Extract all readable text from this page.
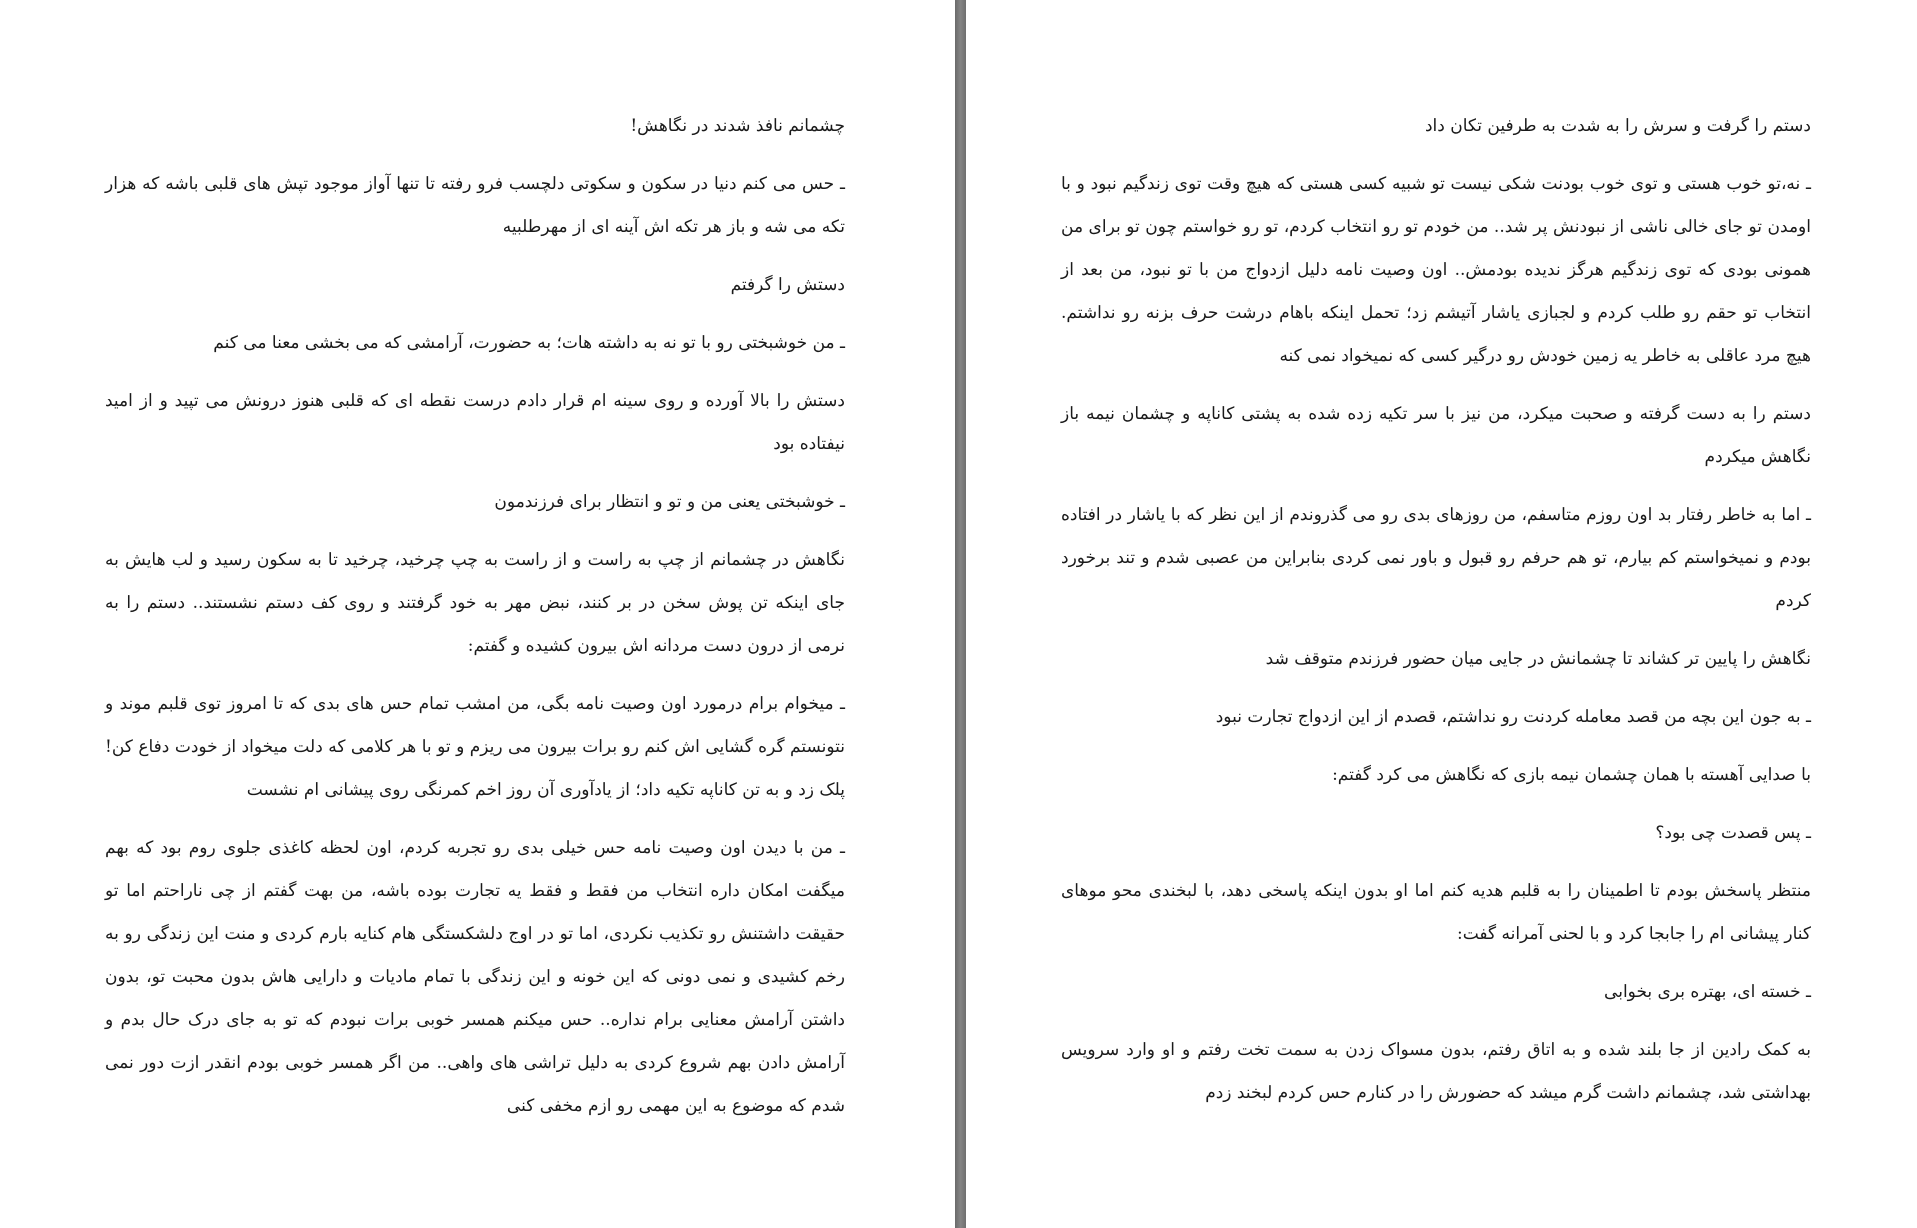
چشمانم نافذ شدند در نگاهش!

ـ حس می کنم دنیا در سکون و سکوتی دلچسب فرو رفته تا تنها آواز موجود تپش های قلبی باشه که هزار تکه می شه و باز هر تکه اش آینه ای از مهرطلبیه

دستش را گرفتم

ـ من خوشبختی رو با تو نه به داشته هات؛ به حضورت، آرامشی که می بخشی معنا می کنم

دستش را بالا آورده و روی سینه ام قرار دادم درست نقطه ای که قلبی هنوز درونش می تپید و از امید نیفتاده بود

ـ خوشبختی یعنی من و تو و انتظار برای فرزندمون

نگاهش در چشمانم از چپ به راست و از راست به چپ چرخید، چرخید تا به سکون رسید و لب هایش به جای اینکه تن پوش سخن در بر کنند، نبض مهر به خود گرفتند و روی کف دستم نشستند.. دستم را به نرمی از درون دست مردانه اش بیرون کشیده و گفتم:

ـ میخوام برام درمورد اون وصیت نامه بگی، من امشب تمام حس های بدی که تا امروز توی قلبم موند و نتونستم گره گشایی اش کنم رو برات بیرون می ریزم و تو با هر کلامی که دلت میخواد از خودت دفاع کن! پلک زد و به تن کاناپه تکیه داد؛ از یادآوری آن روز اخم کمرنگی روی پیشانی ام نشست

ـ من با دیدن اون وصیت نامه حس خیلی بدی رو تجربه کردم، اون لحظه کاغذی جلوی روم بود که بهم میگفت امکان داره انتخاب من فقط و فقط یه تجارت بوده باشه، من بهت گفتم از چی ناراحتم اما تو حقیقت داشتنش رو تکذیب نکردی، اما تو در اوج دلشکستگی هام کنایه بارم کردی و منت این زندگی رو به رخم کشیدی و نمی دونی که این خونه و این زندگی با تمام مادیات و دارایی هاش بدون محبت تو، بدون داشتن آرامش معنایی برام نداره.. حس میکنم همسر خوبی برات نبودم که تو به جای درک حال بدم و آرامش دادن بهم شروع کردی به دلیل تراشی های واهی.. من اگر همسر خوبی بودم انقدر ازت دور نمی شدم که موضوع به این مهمی رو ازم مخفی کنی

دستم را گرفت و سرش را به شدت به طرفین تکان داد

ـ نه،تو خوب هستی و توی خوب بودنت شکی نیست تو شبیه کسی هستی که هیچ وقت توی زندگیم نبود و با اومدن تو جای خالی ناشی از نبودنش پر شد.. من خودم تو رو انتخاب کردم، تو رو خواستم چون تو برای من همونی بودی که توی زندگیم هرگز ندیده بودمش.. اون وصیت نامه دلیل ازدواج من با تو نبود، من بعد از انتخاب تو حقم رو طلب کردم و لجبازی یاشار آتیشم زد؛ تحمل اینکه باهام درشت حرف بزنه رو نداشتم. هیچ مرد عاقلی به خاطر یه زمین خودش رو درگیر کسی که نمیخواد نمی کنه

دستم را به دست گرفته و صحبت میکرد، من نیز با سر تکیه زده شده به پشتی کاناپه و چشمان نیمه باز نگاهش میکردم

ـ اما به خاطر رفتار بد اون روزم متاسفم، من روزهای بدی رو می گذروندم از این نظر که با یاشار در افتاده بودم و نمیخواستم کم بیارم، تو هم حرفم رو قبول و باور نمی کردی بنابراین من عصبی شدم و تند برخورد کردم

نگاهش را پایین تر کشاند تا چشمانش در جایی میان حضور فرزندم متوقف شد

ـ به جون این بچه من قصد معامله کردنت رو نداشتم، قصدم از این ازدواج تجارت نبود

با صدایی آهسته با همان چشمان نیمه بازی که نگاهش می کرد گفتم:

ـ پس قصدت چی بود؟

منتظر پاسخش بودم تا اطمینان را به قلبم هدیه کنم اما او بدون اینکه پاسخی دهد، با لبخندی محو موهای کنار پیشانی ام را جابجا کرد و با لحنی آمرانه گفت:

ـ خسته ای، بهتره بری بخوابی

به کمک رادین از جا بلند شده و به اتاق رفتم، بدون مسواک زدن به سمت تخت رفتم و او وارد سرویس بهداشتی شد، چشمانم داشت گرم میشد که حضورش را در کنارم حس کردم لبخند زدم
